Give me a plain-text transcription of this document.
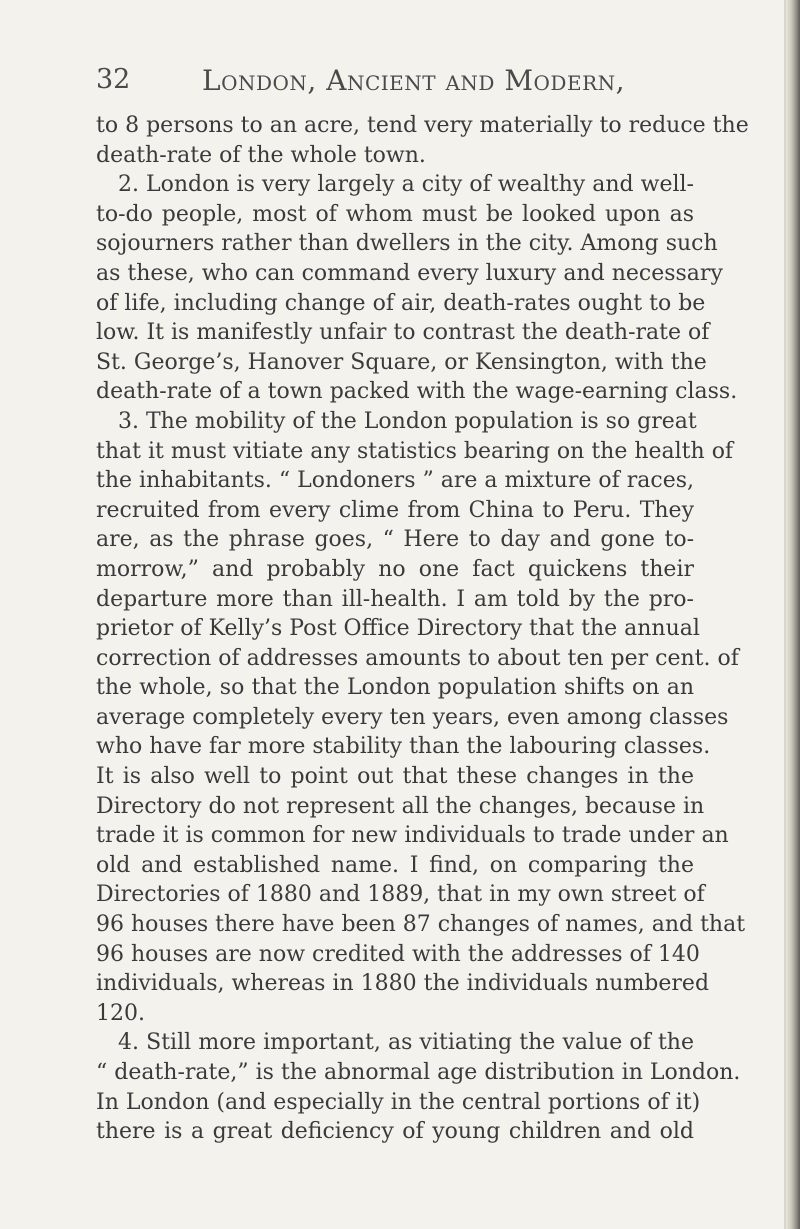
32	London, Ancient and Modern,
to 8 persons to an acre, tend very materially to reduce the
death-rate of the whole town.
2. London is very largely a city of wealthy and well-
to-do people, most of whom must be looked upon as
sojourners rather than dwellers in the city. Among such
as these, who can command every luxury and necessary
of life, including change of air, death-rates ought to be
low. It is manifestly unfair to contrast the death-rate of
St. George’s, Hanover Square, or Kensington, with the
death-rate of a town packed with the wage-earning class.
3. The mobility of the London population is so great
that it must vitiate any statistics bearing on the health of
the inhabitants. “ Londoners ” are a mixture of races,
recruited from every clime from China to Peru. They
are, as the phrase goes, “ Here to day and gone to-
morrow,” and probably no one fact quickens their
departure more than ill-health. I am told by the pro-
prietor of Kelly’s Post Office Directory that the annual
correction of addresses amounts to about ten per cent. of
the whole, so that the London population shifts on an
average completely every ten years, even among classes
who have far more stability than the labouring classes.
It is also well to point out that these changes in the
Directory do not represent all the changes, because in
trade it is common for new individuals to trade under an
old and established name. I find, on comparing the
Directories of 1880 and 1889, that in my own street of
96 houses there have been 87 changes of names, and that
96 houses are now credited with the addresses of 140
individuals, whereas in 1880 the individuals numbered
120.
4. Still more important, as vitiating the value of the
“ death-rate,” is the abnormal age distribution in London.
In London (and especially in the central portions of it)
there is a great deficiency of young children and old
